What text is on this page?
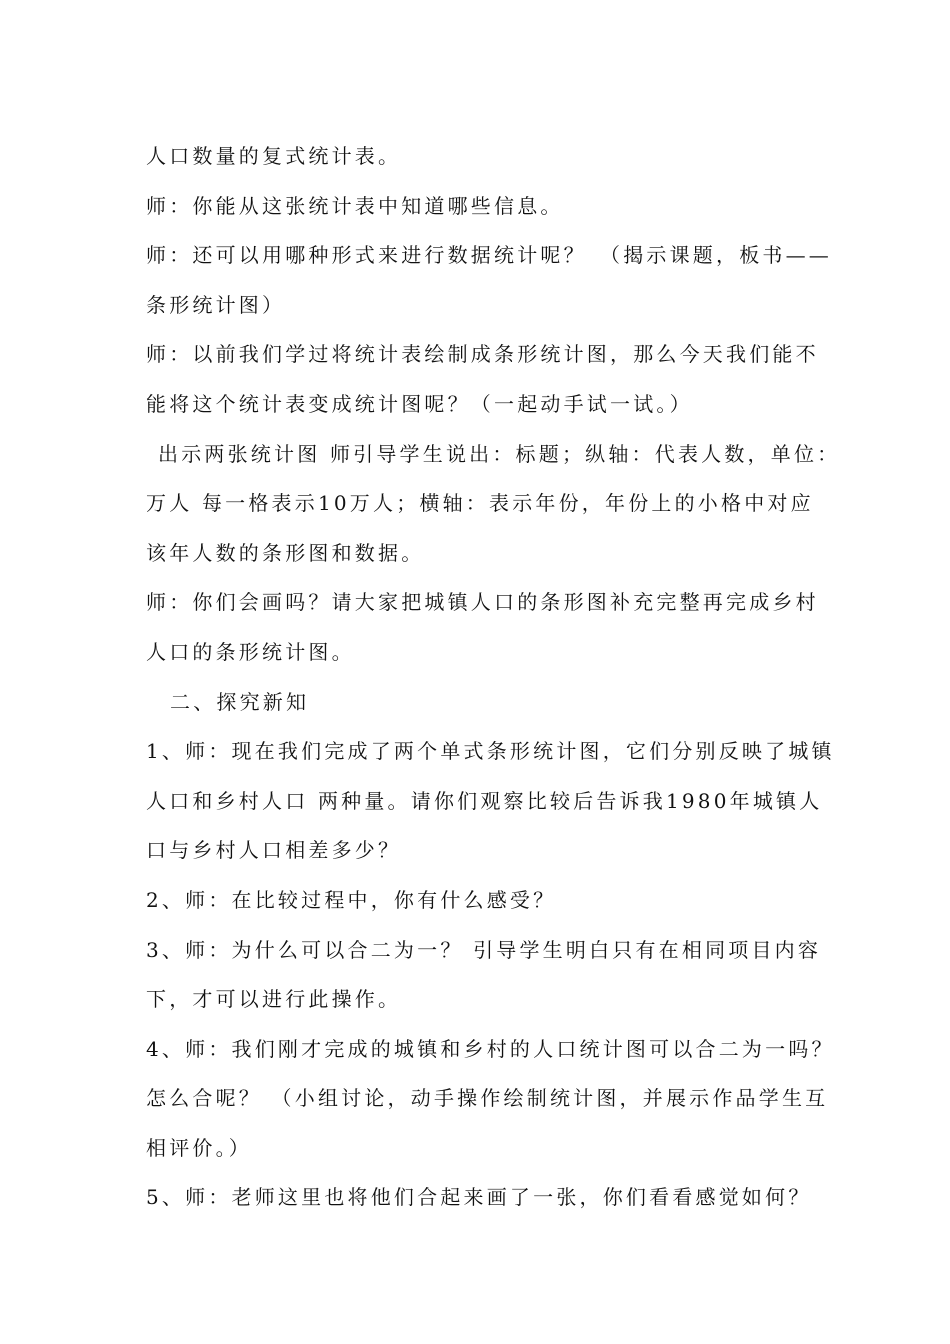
人口数量的复式统计表。
师：你能从这张统计表中知道哪些信息。
师：还可以用哪种形式来进行数据统计呢？　（揭示课题，板书——
条形统计图）
师：以前我们学过将统计表绘制成条形统计图，那么今天我们能不
能将这个统计表变成统计图呢？（一起动手试一试。）
出示两张统计图 师引导学生说出：标题；纵轴：代表人数，单位：
万人 每一格表示10万人；横轴：表示年份，年份上的小格中对应
该年人数的条形图和数据。
师：你们会画吗？请大家把城镇人口的条形图补充完整再完成乡村
人口的条形统计图。
二、探究新知
1、师：现在我们完成了两个单式条形统计图，它们分别反映了城镇
人口和乡村人口 两种量。请你们观察比较后告诉我1980年城镇人
口与乡村人口相差多少？
2、师：在比较过程中，你有什么感受？
3、师：为什么可以合二为一？ 引导学生明白只有在相同项目内容
下，才可以进行此操作。
4、师：我们刚才完成的城镇和乡村的人口统计图可以合二为一吗？
怎么合呢？ （小组讨论，动手操作绘制统计图，并展示作品学生互
相评价。）
5、师：老师这里也将他们合起来画了一张，你们看看感觉如何？
